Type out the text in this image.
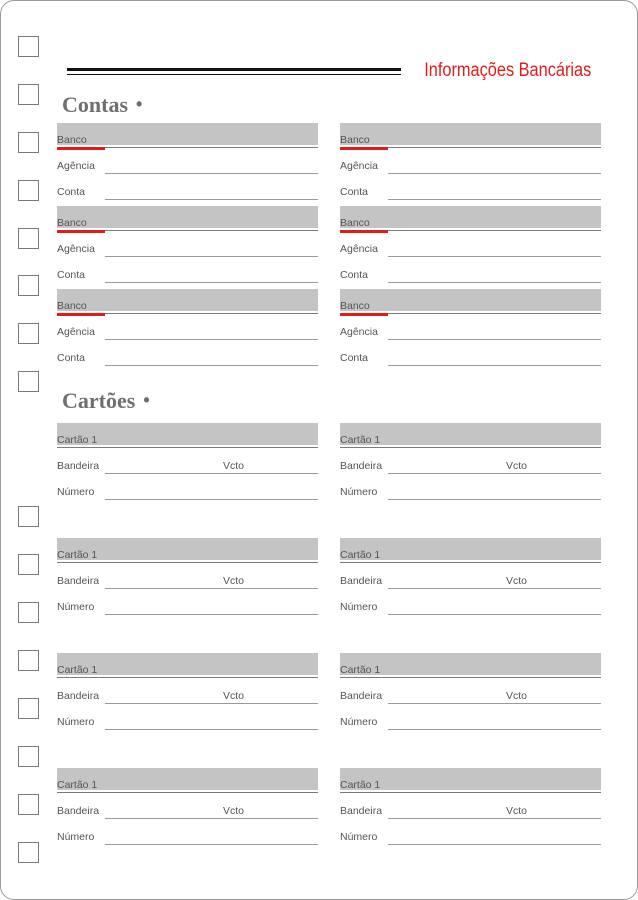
Informações Bancárias
Contas •
Banco
Agência
Conta
Banco
Agência
Conta
Banco
Agência
Conta
Banco
Agência
Conta
Banco
Agência
Conta
Banco
Agência
Conta
Cartões •
Cartão 1
Bandeira	Vcto
Número
Cartão 1
Bandeira	Vcto
Número
Cartão 1
Bandeira	Vcto
Número
Cartão 1
Bandeira	Vcto
Número
Cartão 1
Bandeira	Vcto
Número
Cartão 1
Bandeira	Vcto
Número
Cartão 1
Bandeira	Vcto
Número
Cartão 1
Bandeira	Vcto
Número
